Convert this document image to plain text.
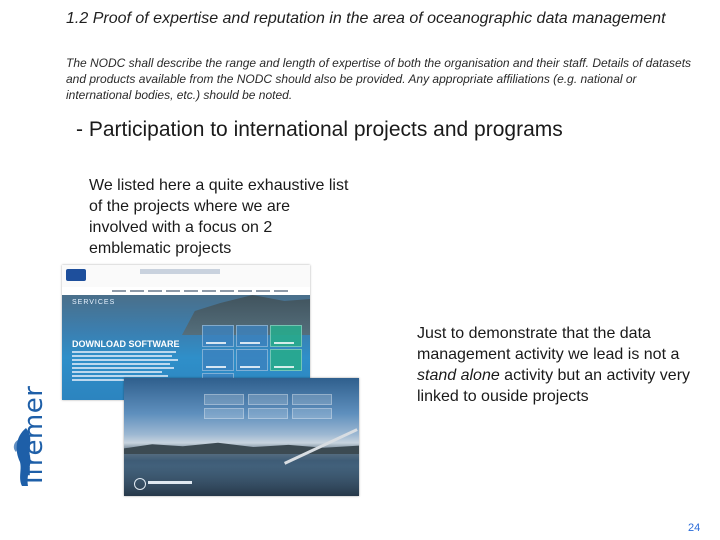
1.2 Proof of expertise and reputation in the area of oceanographic data management
The NODC shall describe the range and length of expertise of both the organisation and their staff. Details of datasets and products available from the NODC should also be provided. Any appropriate affiliations (e.g. national or international bodies, etc.) should be noted.
- Participation to international projects and programs
We listed here a quite exhaustive list of the projects where we are involved with a focus on 2 emblematic projects
Just to demonstrate that the data management activity we lead is not a stand alone activity but an activity very linked to ouside projects
Ifremer
SERVICES
DOWNLOAD SOFTWARE
24
